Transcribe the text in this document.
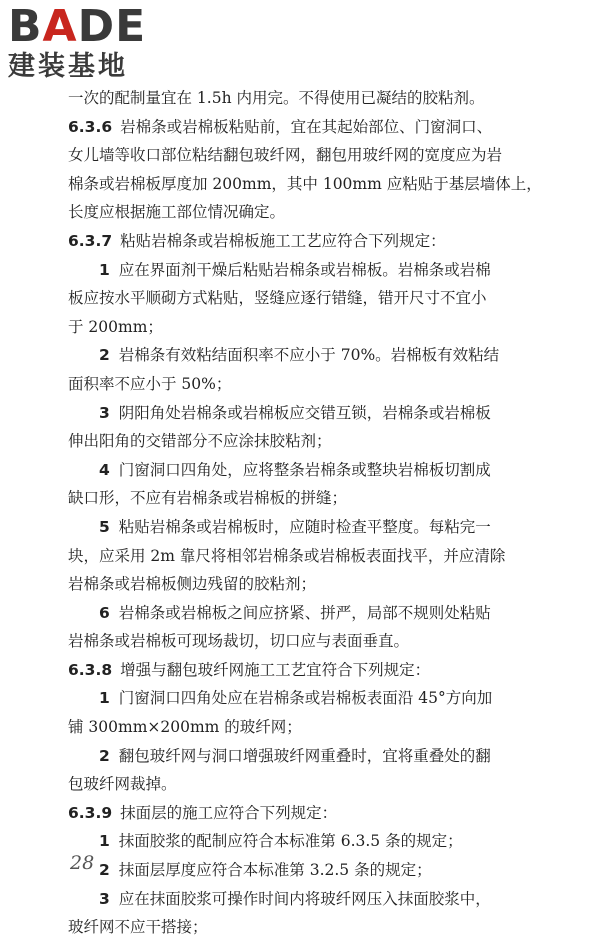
BADE
建装基地
一次的配制量宜在 1.5h 内用完。不得使用已凝结的胶粘剂。
6.3.6 岩棉条或岩棉板粘贴前，宜在其起始部位、门窗洞口、
女儿墙等收口部位粘结翻包玻纤网，翻包用玻纤网的宽度应为岩
棉条或岩棉板厚度加 200mm，其中 100mm 应粘贴于基层墙体上，
长度应根据施工部位情况确定。
6.3.7 粘贴岩棉条或岩棉板施工工艺应符合下列规定：
1 应在界面剂干燥后粘贴岩棉条或岩棉板。岩棉条或岩棉
板应按水平顺砌方式粘贴，竖缝应逐行错缝，错开尺寸不宜小
于 200mm；
2 岩棉条有效粘结面积率不应小于 70%。岩棉板有效粘结
面积率不应小于 50%；
3 阴阳角处岩棉条或岩棉板应交错互锁，岩棉条或岩棉板
伸出阳角的交错部分不应涂抹胶粘剂；
4 门窗洞口四角处，应将整条岩棉条或整块岩棉板切割成
缺口形，不应有岩棉条或岩棉板的拼缝；
5 粘贴岩棉条或岩棉板时，应随时检查平整度。每粘完一
块，应采用 2m 靠尺将相邻岩棉条或岩棉板表面找平，并应清除
岩棉条或岩棉板侧边残留的胶粘剂；
6 岩棉条或岩棉板之间应挤紧、拼严，局部不规则处粘贴
岩棉条或岩棉板可现场裁切，切口应与表面垂直。
6.3.8 增强与翻包玻纤网施工工艺宜符合下列规定：
1 门窗洞口四角处应在岩棉条或岩棉板表面沿 45°方向加
铺 300mm×200mm 的玻纤网；
2 翻包玻纤网与洞口增强玻纤网重叠时，宜将重叠处的翻
包玻纤网裁掉。
6.3.9 抹面层的施工应符合下列规定：
1 抹面胶浆的配制应符合本标准第 6.3.5 条的规定；
2 抹面层厚度应符合本标准第 3.2.5 条的规定；
3 应在抹面胶浆可操作时间内将玻纤网压入抹面胶浆中，
玻纤网不应干搭接；
28
